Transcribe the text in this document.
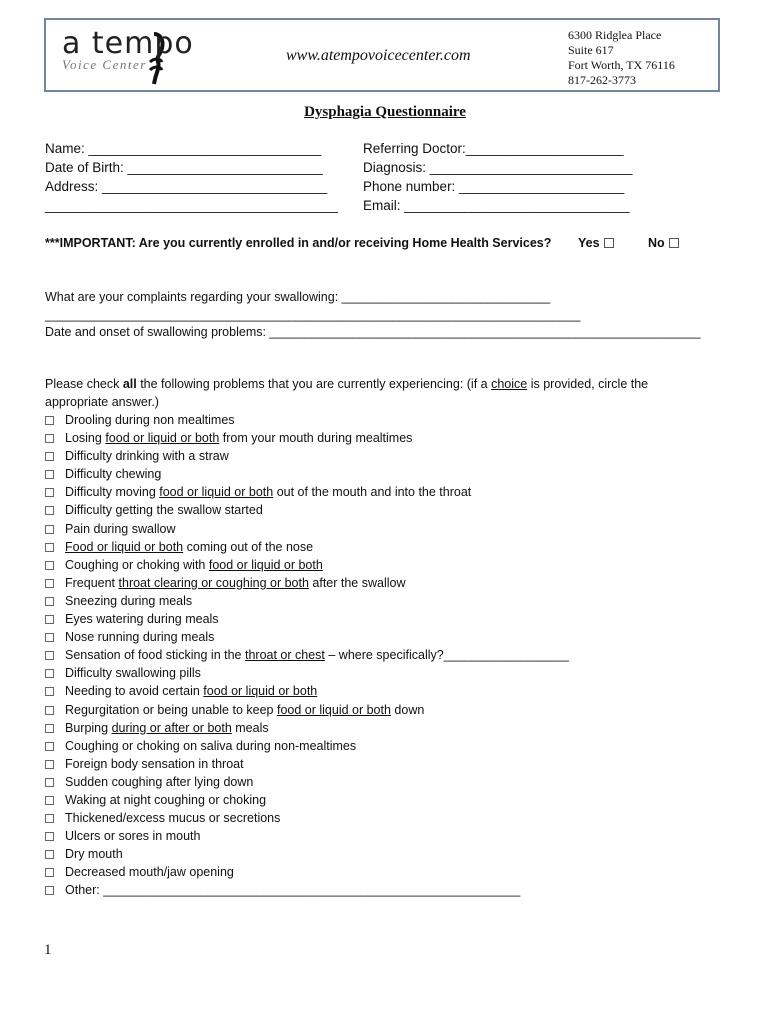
a tempo
Voice Center
www.atempovoicecenter.com
6300 Ridglea Place
Suite 617
Fort Worth, TX 76116
817-262-3773
Dysphagia Questionnaire
Name: _______________________________
Date of Birth: __________________________
Address: ______________________________
_______________________________________
Referring Doctor:_____________________
Diagnosis: ___________________________
Phone number: ______________________
Email: ______________________________
***IMPORTANT: Are you currently enrolled in and/or receiving Home Health Services? Yes	No
What are your complaints regarding your swallowing: ______________________________
_____________________________________________________________________________
Date and onset of swallowing problems: ______________________________________________________________
Please check all the following problems that you are currently experiencing: (if a choice is provided, circle the
appropriate answer.)
Drooling during non mealtimes
Losing food or liquid or both from your mouth during mealtimes
Difficulty drinking with a straw
Difficulty chewing
Difficulty moving food or liquid or both out of the mouth and into the throat
Difficulty getting the swallow started
Pain during swallow
Food or liquid or both coming out of the nose
Coughing or choking with food or liquid or both
Frequent throat clearing or coughing or both after the swallow
Sneezing during meals
Eyes watering during meals
Nose running during meals
Sensation of food sticking in the throat or chest – where specifically?__________________
Difficulty swallowing pills
Needing to avoid certain food or liquid or both
Regurgitation or being unable to keep food or liquid or both down
Burping during or after or both meals
Coughing or choking on saliva during non-mealtimes
Foreign body sensation in throat
Sudden coughing after lying down
Waking at night coughing or choking
Thickened/excess mucus or secretions
Ulcers or sores in mouth
Dry mouth
Decreased mouth/jaw opening
Other: ____________________________________________________________
1
